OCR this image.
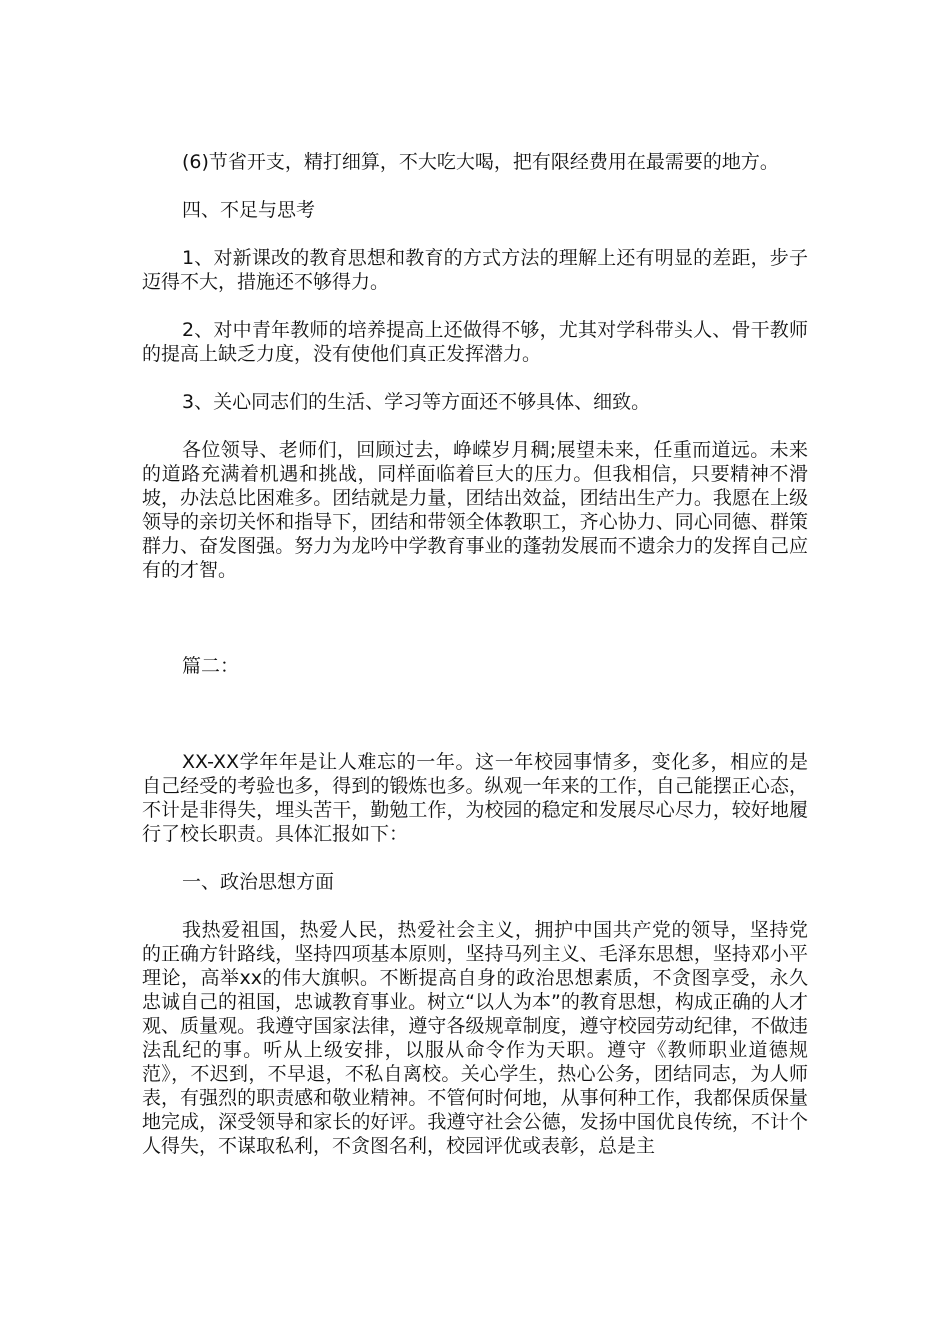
(6)节省开支，精打细算，不大吃大喝，把有限经费用在最需要的地方。

四、不足与思考

1、对新课改的教育思想和教育的方式方法的理解上还有明显的差距，步子迈得不大，措施还不够得力。

2、对中青年教师的培养提高上还做得不够，尤其对学科带头人、骨干教师的提高上缺乏力度，没有使他们真正发挥潜力。

3、关心同志们的生活、学习等方面还不够具体、细致。

各位领导、老师们，回顾过去，峥嵘岁月稠;展望未来，任重而道远。未来的道路充满着机遇和挑战，同样面临着巨大的压力。但我相信，只要精神不滑坡，办法总比困难多。团结就是力量，团结出效益，团结出生产力。我愿在上级领导的亲切关怀和指导下，团结和带领全体教职工，齐心协力、同心同德、群策群力、奋发图强。努力为龙吟中学教育事业的蓬勃发展而不遗余力的发挥自己应有的才智。

篇二：

XX-XX学年年是让人难忘的一年。这一年校园事情多，变化多，相应的是自己经受的考验也多，得到的锻炼也多。纵观一年来的工作，自己能摆正心态，不计是非得失，埋头苦干，勤勉工作，为校园的稳定和发展尽心尽力，较好地履行了校长职责。具体汇报如下：

一、政治思想方面

我热爱祖国，热爱人民，热爱社会主义，拥护中国共产党的领导，坚持党的正确方针路线，坚持四项基本原则，坚持马列主义、毛泽东思想，坚持邓小平理论，高举xx的伟大旗帜。不断提高自身的政治思想素质，不贪图享受，永久忠诚自己的祖国，忠诚教育事业。树立“以人为本”的教育思想，构成正确的人才观、质量观。我遵守国家法律，遵守各级规章制度，遵守校园劳动纪律，不做违法乱纪的事。听从上级安排，以服从命令作为天职。遵守《教师职业道德规范》，不迟到，不早退，不私自离校。关心学生，热心公务，团结同志，为人师表，有强烈的职责感和敬业精神。不管何时何地，从事何种工作，我都保质保量地完成，深受领导和家长的好评。我遵守社会公德，发扬中国优良传统，不计个人得失，不谋取私利，不贪图名利，校园评优或表彰，总是主
